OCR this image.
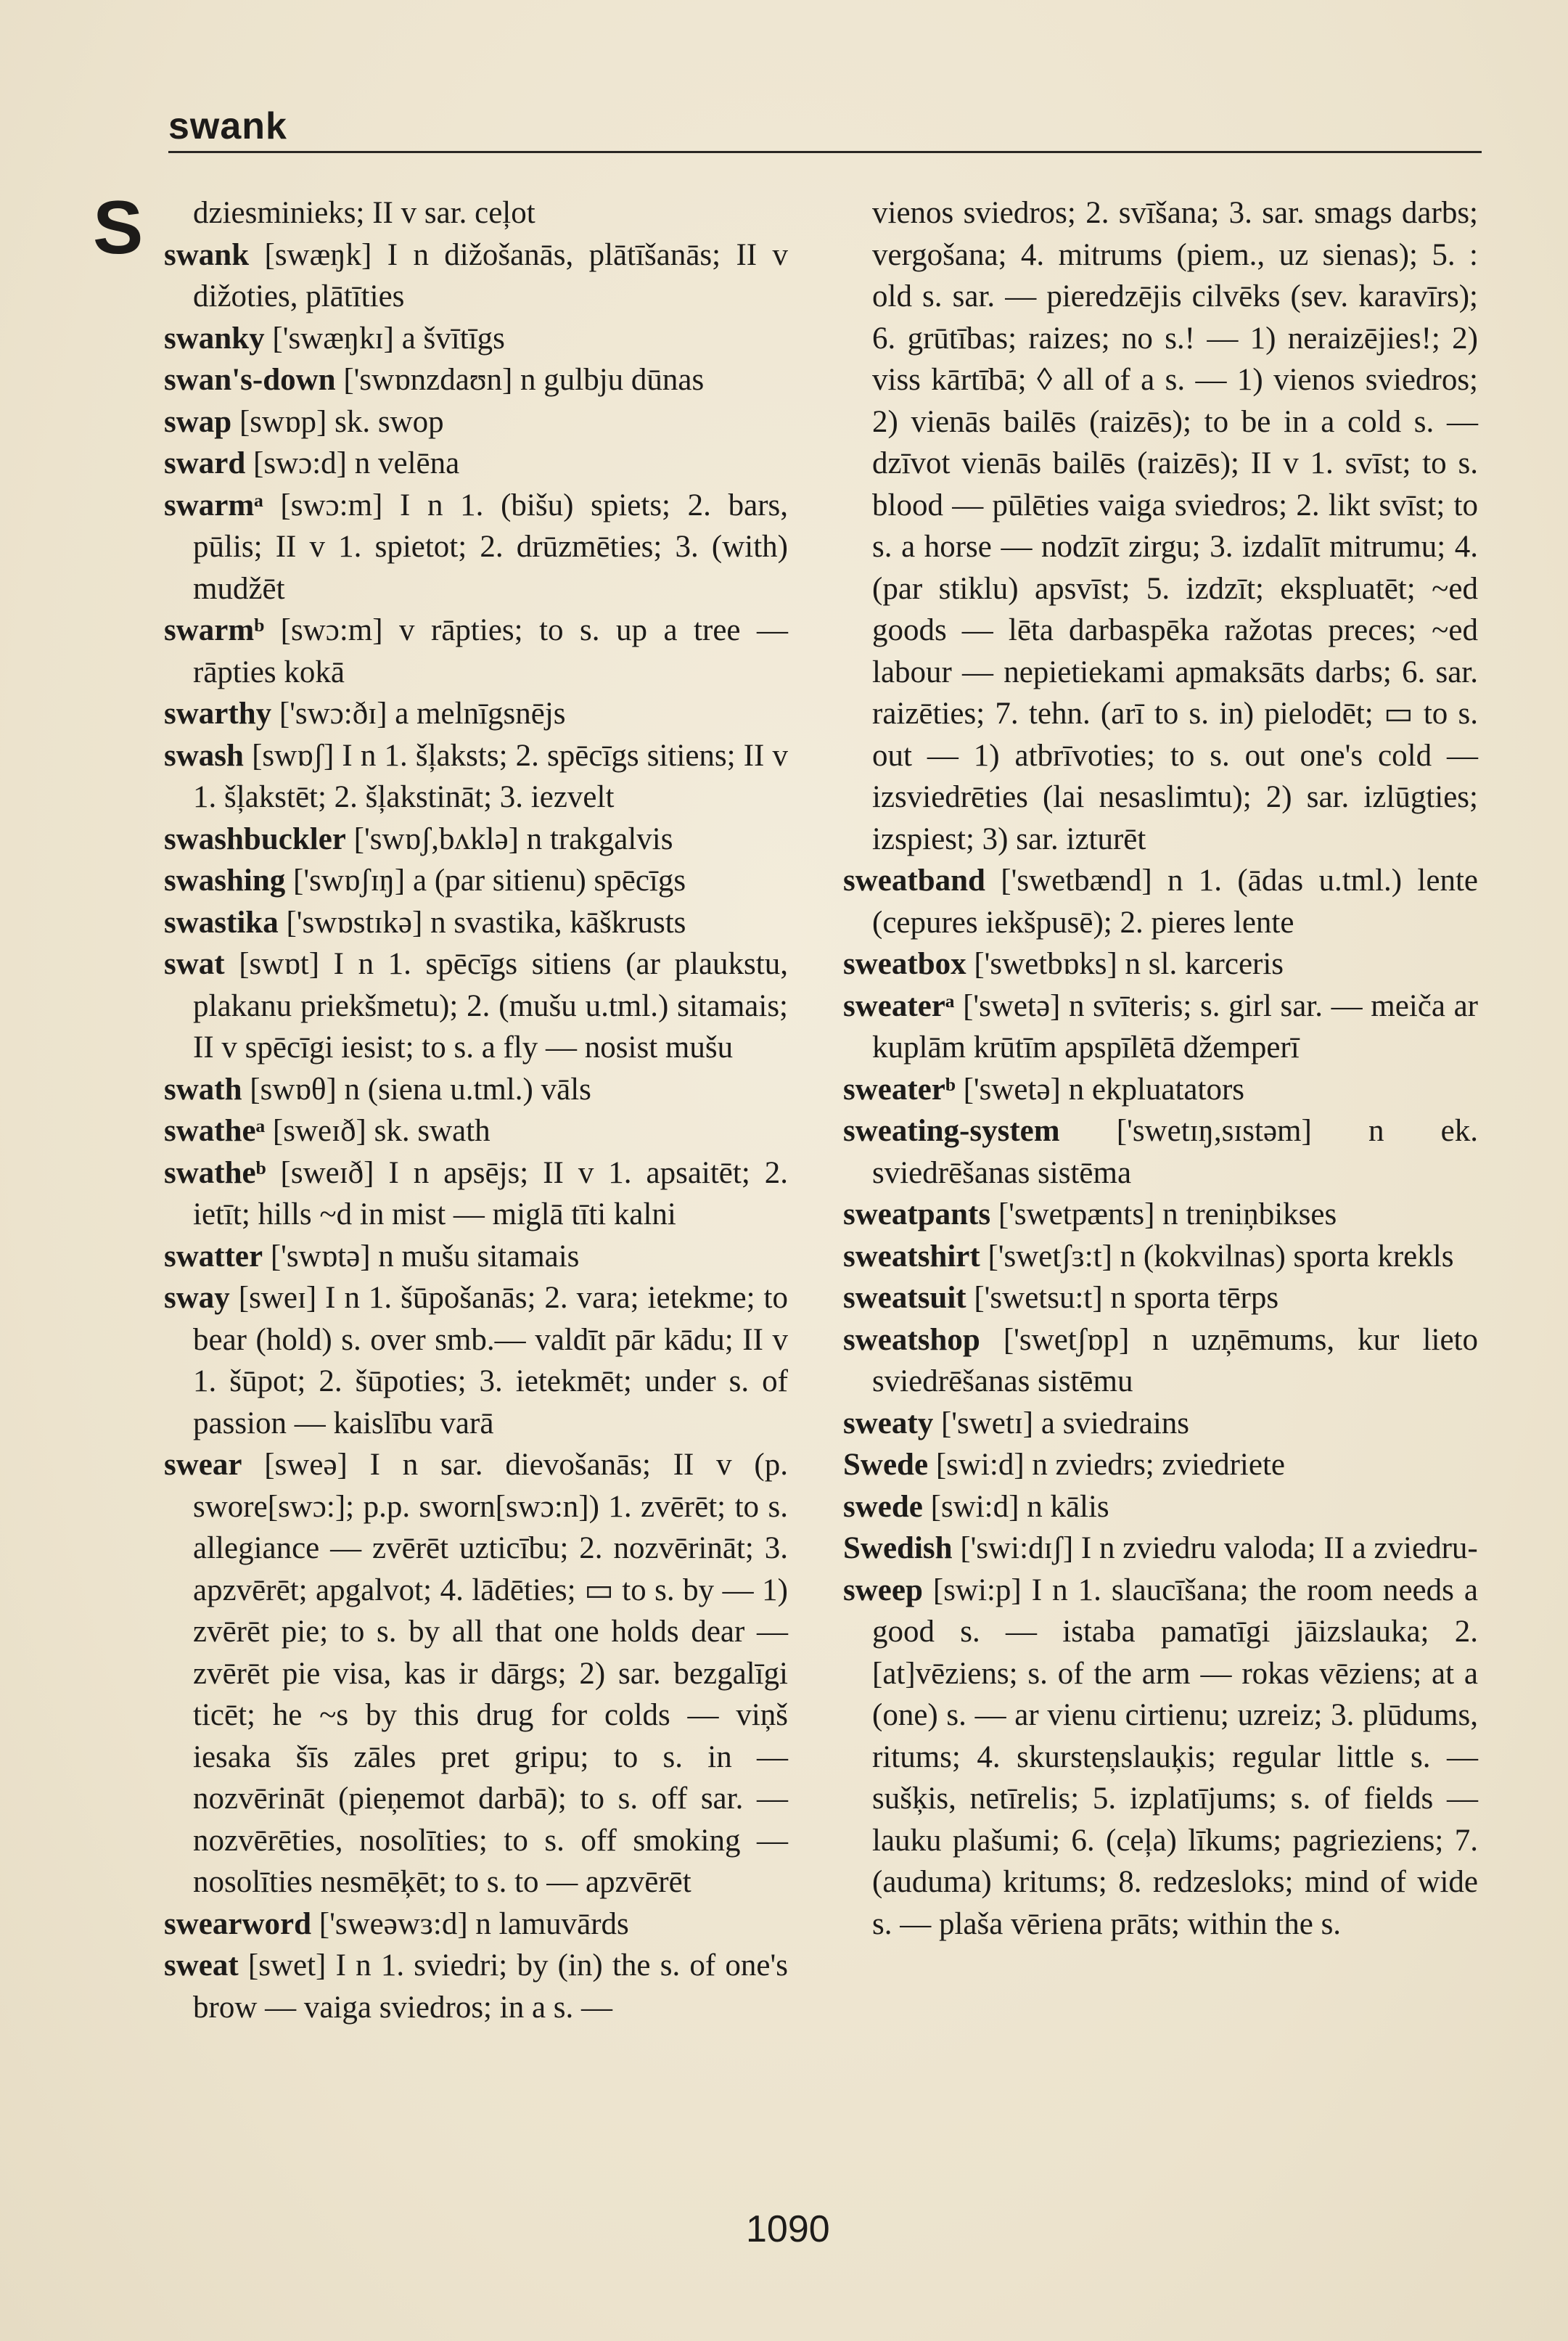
swank
S	dziesminieks; II v sar. ceļot
swank [swæŋk] I n dižošanās, plātīšanās; II v dižoties, plātīties
swanky ['swæŋkɪ] a švītīgs
swan's-down ['swɒnzdaʊn] n gulbju dūnas
swap [swɒp] sk. swop
sward [swɔ:d] n velēna
swarmᵃ [swɔ:m] I n 1. (bišu) spiets; 2. bars, pūlis; II v 1. spietot; 2. drūzmēties; 3. (with) mudžēt
swarmᵇ [swɔ:m] v rāpties; to s. up a tree — rāpties kokā
swarthy ['swɔ:ðɪ] a melnīgsnējs
swash [swɒʃ] I n 1. šļaksts; 2. spēcīgs sitiens; II v 1. šļakstēt; 2. šļakstināt; 3. iezvelt
swashbuckler ['swɒʃ,bʌklə] n trakgalvis
swashing ['swɒʃɪŋ] a (par sitienu) spēcīgs
swastika ['swɒstɪkə] n svastika, kāškrusts
swat [swɒt] I n 1. spēcīgs sitiens (ar plaukstu, plakanu priekšmetu); 2. (mušu u.tml.) sitamais; II v spēcīgi iesist; to s. a fly — nosist mušu
swath [swɒθ] n (siena u.tml.) vāls
swatheᵃ [sweɪð] sk. swath
swatheᵇ [sweɪð] I n apsējs; II v 1. apsaitēt; 2. ietīt; hills ~d in mist — miglā tīti kalni
swatter ['swɒtə] n mušu sitamais
sway [sweɪ] I n 1. šūpošanās; 2. vara; ietekme; to bear (hold) s. over smb.— valdīt pār kādu; II v 1. šūpot; 2. šūpoties; 3. ietekmēt; under s. of passion — kaislību varā
swear [sweə] I n sar. dievošanās; II v (p. swore[swɔ:]; p.p. sworn[swɔ:n]) 1. zvērēt; to s. allegiance — zvērēt uzticību; 2. nozvērināt; 3. apzvērēt; apgalvot; 4. lādēties; ▭ to s. by — 1) zvērēt pie; to s. by all that one holds dear — zvērēt pie visa, kas ir dārgs; 2) sar. bezgalīgi ticēt; he ~s by this drug for colds — viņš iesaka šīs zāles pret gripu; to s. in — nozvērināt (pieņemot darbā); to s. off sar. — nozvērēties, nosolīties; to s. off smoking — nosolīties nesmēķēt; to s. to — apzvērēt
swearword ['sweəwɜ:d] n lamuvārds
sweat [swet] I n 1. sviedri; by (in) the s. of one's brow — vaiga sviedros; in a s. —
vienos sviedros; 2. svīšana; 3. sar. smags darbs; vergošana; 4. mitrums (piem., uz sienas); 5. : old s. sar. — pieredzējis cilvēks (sev. karavīrs); 6. grūtības; raizes; no s.! — 1) neraizējies!; 2) viss kārtībā; ◊ all of a s. — 1) vienos sviedros; 2) vienās bailēs (raizēs); to be in a cold s. — dzīvot vienās bailēs (raizēs); II v 1. svīst; to s. blood — pūlēties vaiga sviedros; 2. likt svīst; to s. a horse — nodzīt zirgu; 3. izdalīt mitrumu; 4. (par stiklu) apsvīst; 5. izdzīt; ekspluatēt; ~ed goods — lēta darbaspēka ražotas preces; ~ed labour — nepietiekami apmaksāts darbs; 6. sar. raizēties; 7. tehn. (arī to s. in) pielodēt; ▭ to s. out — 1) atbrīvoties; to s. out one's cold — izsviedrēties (lai nesaslimtu); 2) sar. izlūgties; izspiest; 3) sar. izturēt
sweatband ['swetbænd] n 1. (ādas u.tml.) lente (cepures iekšpusē); 2. pieres lente
sweatbox ['swetbɒks] n sl. karceris
sweaterᵃ ['swetə] n svīteris; s. girl sar. — meiča ar kuplām krūtīm apspīlētā džemperī
sweaterᵇ ['swetə] n ekpluatators
sweating-system ['swetɪŋ,sɪstəm] n ek. sviedrēšanas sistēma
sweatpants ['swetpænts] n treniņbikses
sweatshirt ['swetʃɜ:t] n (kokvilnas) sporta krekls
sweatsuit ['swetsu:t] n sporta tērps
sweatshop ['swetʃɒp] n uzņēmums, kur lieto sviedrēšanas sistēmu
sweaty ['swetɪ] a sviedrains
Swede [swi:d] n zviedrs; zviedriete
swede [swi:d] n kālis
Swedish ['swi:dɪʃ] I n zviedru valoda; II a zviedru-
sweep [swi:p] I n 1. slaucīšana; the room needs a good s. — istaba pamatīgi jāizslauka; 2. [at]vēziens; s. of the arm — rokas vēziens; at a (one) s. — ar vienu cirtienu; uzreiz; 3. plūdums, ritums; 4. skursteņslauķis; regular little s. — sušķis, netīrelis; 5. izplatījums; s. of fields — lauku plašumi; 6. (ceļa) līkums; pagrieziens; 7. (auduma) kritums; 8. redzesloks; mind of wide s. — plaša vēriena prāts; within the s.
1090
